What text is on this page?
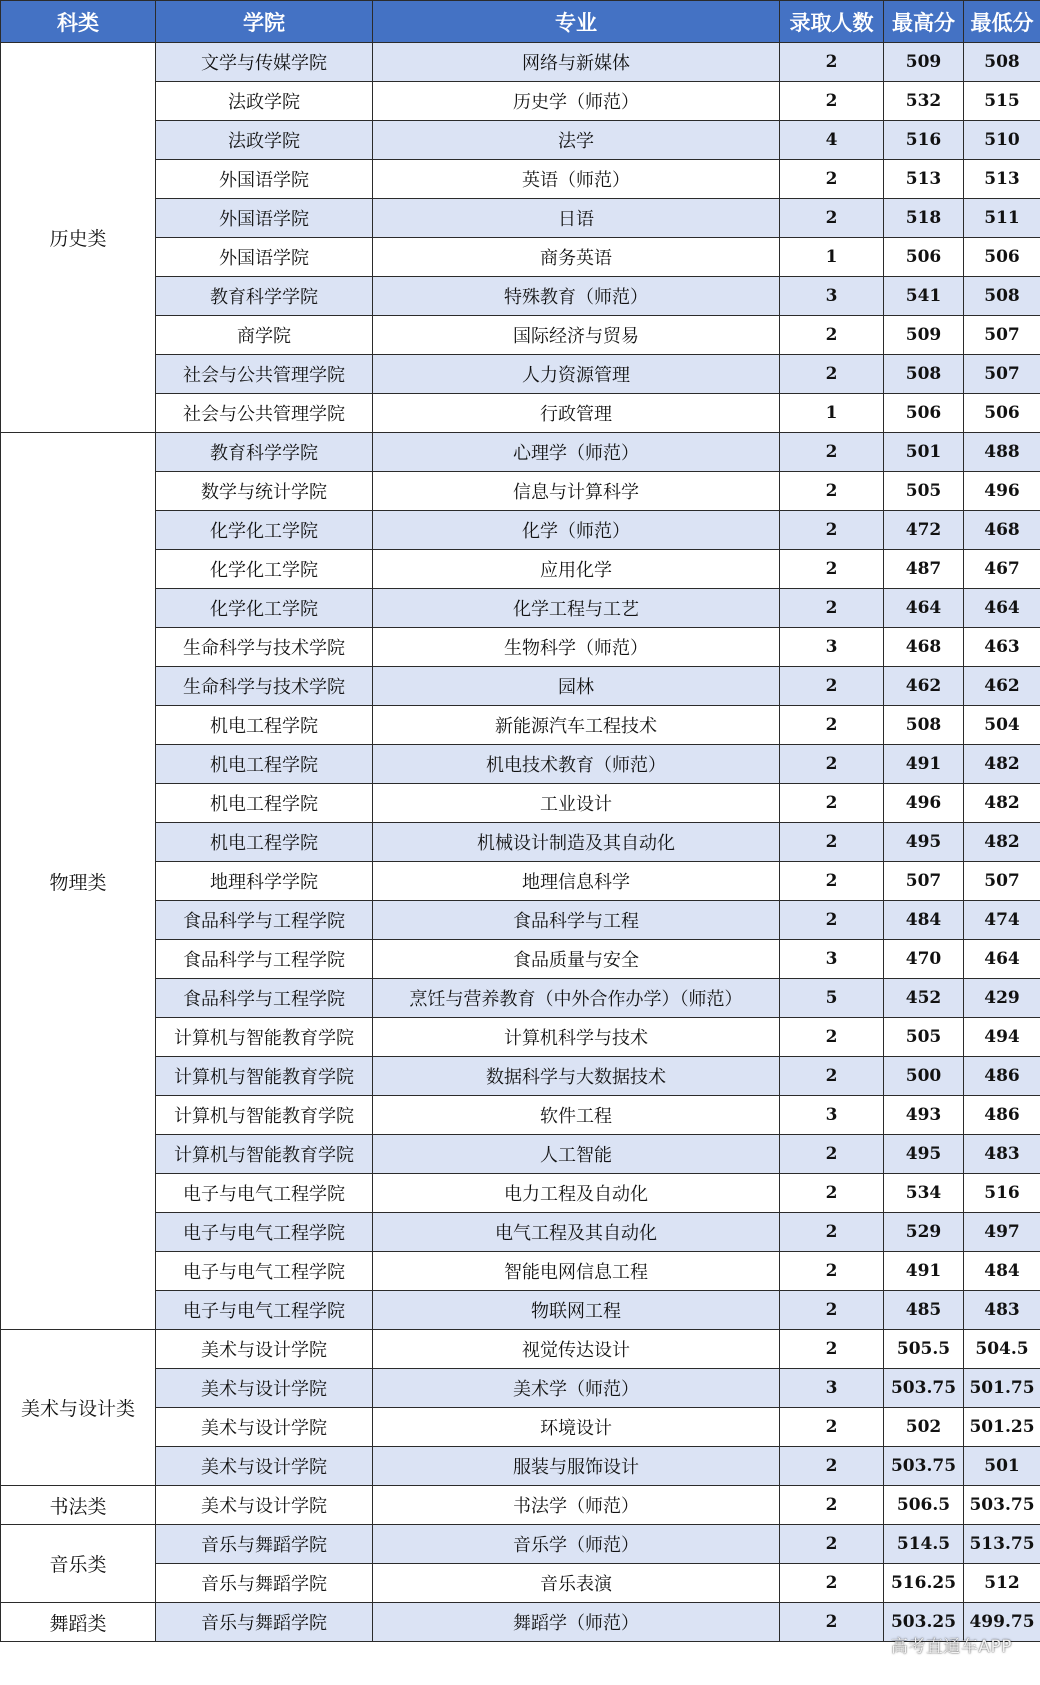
科类	学院	专业	录取人数	最高分	最低分
历史类	文学与传媒学院	网络与新媒体	2	509	508
	法政学院	历史学（师范）	2	532	515
	法政学院	法学	4	516	510
	外国语学院	英语（师范）	2	513	513
	外国语学院	日语	2	518	511
	外国语学院	商务英语	1	506	506
	教育科学学院	特殊教育（师范）	3	541	508
	商学院	国际经济与贸易	2	509	507
	社会与公共管理学院	人力资源管理	2	508	507
	社会与公共管理学院	行政管理	1	506	506
物理类	教育科学学院	心理学（师范）	2	501	488
	数学与统计学院	信息与计算科学	2	505	496
	化学化工学院	化学（师范）	2	472	468
	化学化工学院	应用化学	2	487	467
	化学化工学院	化学工程与工艺	2	464	464
	生命科学与技术学院	生物科学（师范）	3	468	463
	生命科学与技术学院	园林	2	462	462
	机电工程学院	新能源汽车工程技术	2	508	504
	机电工程学院	机电技术教育（师范）	2	491	482
	机电工程学院	工业设计	2	496	482
	机电工程学院	机械设计制造及其自动化	2	495	482
	地理科学学院	地理信息科学	2	507	507
	食品科学与工程学院	食品科学与工程	2	484	474
	食品科学与工程学院	食品质量与安全	3	470	464
	食品科学与工程学院	烹饪与营养教育（中外合作办学）（师范）	5	452	429
	计算机与智能教育学院	计算机科学与技术	2	505	494
	计算机与智能教育学院	数据科学与大数据技术	2	500	486
	计算机与智能教育学院	软件工程	3	493	486
	计算机与智能教育学院	人工智能	2	495	483
	电子与电气工程学院	电力工程及自动化	2	534	516
	电子与电气工程学院	电气工程及其自动化	2	529	497
	电子与电气工程学院	智能电网信息工程	2	491	484
	电子与电气工程学院	物联网工程	2	485	483
美术与设计类	美术与设计学院	视觉传达设计	2	505.5	504.5
	美术与设计学院	美术学（师范）	3	503.75	501.75
	美术与设计学院	环境设计	2	502	501.25
	美术与设计学院	服装与服饰设计	2	503.75	501
书法类	美术与设计学院	书法学（师范）	2	506.5	503.75
音乐类	音乐与舞蹈学院	音乐学（师范）	2	514.5	513.75
	音乐与舞蹈学院	音乐表演	2	516.25	512
舞蹈类	音乐与舞蹈学院	舞蹈学（师范）	2	503.25	499.75
高考直通车APP
